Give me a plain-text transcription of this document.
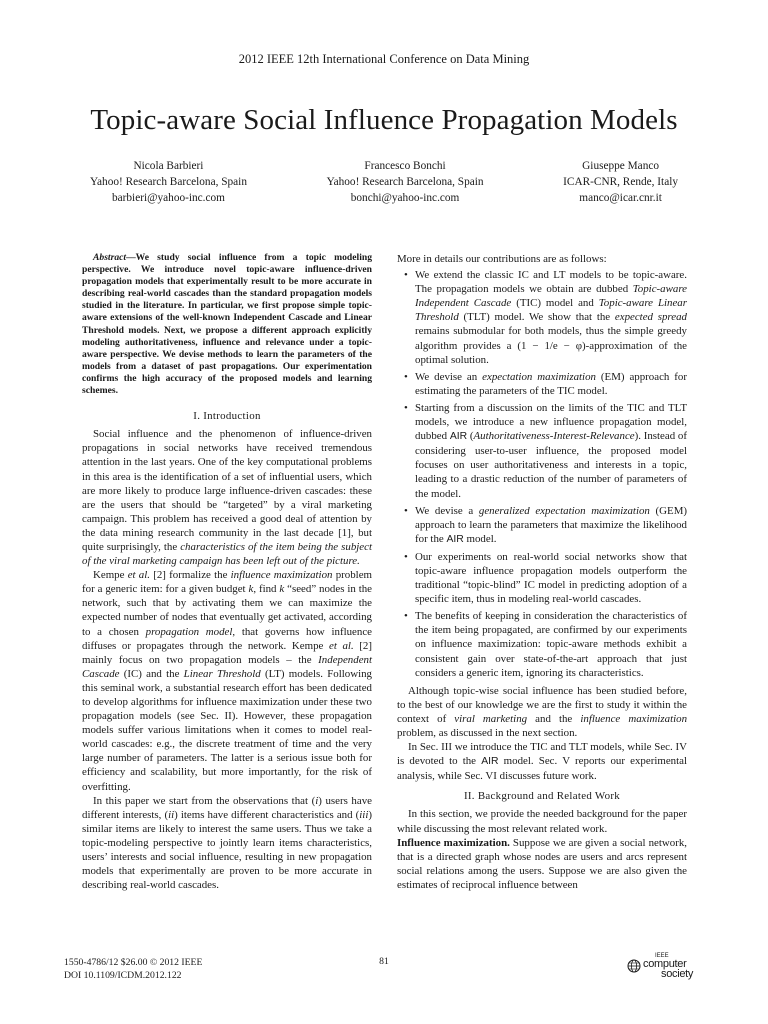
2012 IEEE 12th International Conference on Data Mining
Topic-aware Social Influence Propagation Models
Nicola Barbieri
Yahoo! Research Barcelona, Spain
barbieri@yahoo-inc.com
Francesco Bonchi
Yahoo! Research Barcelona, Spain
bonchi@yahoo-inc.com
Giuseppe Manco
ICAR-CNR, Rende, Italy
manco@icar.cnr.it

Abstract—We study social influence from a topic modeling perspective. We introduce novel topic-aware influence-driven propagation models that experimentally result to be more accurate in describing real-world cascades than the standard propagation models studied in the literature. In particular, we first propose simple topic-aware extensions of the well-known Independent Cascade and Linear Threshold models. Next, we propose a different approach explicitly modeling authoritativeness, influence and relevance under a topic-aware perspective. We devise methods to learn the parameters of the models from a dataset of past propagations. Our experimentation confirms the high accuracy of the proposed models and learning schemes.

I. Introduction

Social influence and the phenomenon of influence-driven propagations in social networks have received tremendous attention in the last years. One of the key computational problems in this area is the identification of a set of influential users, which are more likely to produce large influence-driven cascades: these are the users that should be “targeted” by a viral marketing campaign. This problem has received a good deal of attention by the data mining research community in the last decade [1], but quite surprisingly, the characteristics of the item being the subject of the viral marketing campaign has been left out of the picture.

Kempe et al. [2] formalize the influence maximization problem for a generic item: for a given budget k, find k “seed” nodes in the network, such that by activating them we can maximize the expected number of nodes that eventually get activated, according to a chosen propagation model, that governs how influence diffuses or propagates through the network. Kempe et al. [2] mainly focus on two propagation models – the Independent Cascade (IC) and the Linear Threshold (LT) models. Following this seminal work, a substantial research effort has been dedicated to develop algorithms for influence maximization under these two propagation models (see Sec. II). However, these propagation models suffer various limitations when it comes to model real-world cascades: e.g., the discrete treatment of time and the very large number of parameters. The latter is a serious issue both for efficiency and scalability, but more importantly, for the risk of overfitting.

In this paper we start from the observations that (i) users have different interests, (ii) items have different characteristics and (iii) similar items are likely to interest the same users. Thus we take a topic-modeling perspective to jointly learn items characteristics, users’ interests and social influence, resulting in new propagation models that experimentally are proven to be more accurate in describing real-world cascades.

More in details our contributions are as follows:

• We extend the classic IC and LT models to be topic-aware. The propagation models we obtain are dubbed Topic-aware Independent Cascade (TIC) model and Topic-aware Linear Threshold (TLT) model. We show that the expected spread remains submodular for both models, thus the simple greedy algorithm provides a (1 − 1/e − φ)-approximation of the optimal solution.
• We devise an expectation maximization (EM) approach for estimating the parameters of the TIC model.
• Starting from a discussion on the limits of the TIC and TLT models, we introduce a new influence propagation model, dubbed AIR (Authoritativeness-Interest-Relevance). Instead of considering user-to-user influence, the proposed model focuses on user authoritativeness and interests in a topic, leading to a drastic reduction of the number of parameters of the model.
• We devise a generalized expectation maximization (GEM) approach to learn the parameters that maximize the likelihood for the AIR model.
• Our experiments on real-world social networks show that topic-aware influence propagation models outperform the traditional “topic-blind” IC model in predicting adoption of a specific item, thus in modeling real-world cascades.
• The benefits of keeping in consideration the characteristics of the item being propagated, are confirmed by our experiments on influence maximization: topic-aware methods exhibit a consistent gain over state-of-the-art approach that just considers a generic item, ignoring its characteristics.

Although topic-wise social influence has been studied before, to the best of our knowledge we are the first to study it within the context of viral marketing and the influence maximization problem, as discussed in the next section.

In Sec. III we introduce the TIC and TLT models, while Sec. IV is devoted to the AIR model. Sec. V reports our experimental analysis, while Sec. VI discusses future work.

II. Background and Related Work

In this section, we provide the needed background for the paper while discussing the most relevant related work.

Influence maximization. Suppose we are given a social network, that is a directed graph whose nodes are users and arcs represent social relations among the users. Suppose we are also given the estimates of reciprocal influence between

1550-4786/12 $26.00 © 2012 IEEE
DOI 10.1109/ICDM.2012.122
81	IEEE
computer
society
